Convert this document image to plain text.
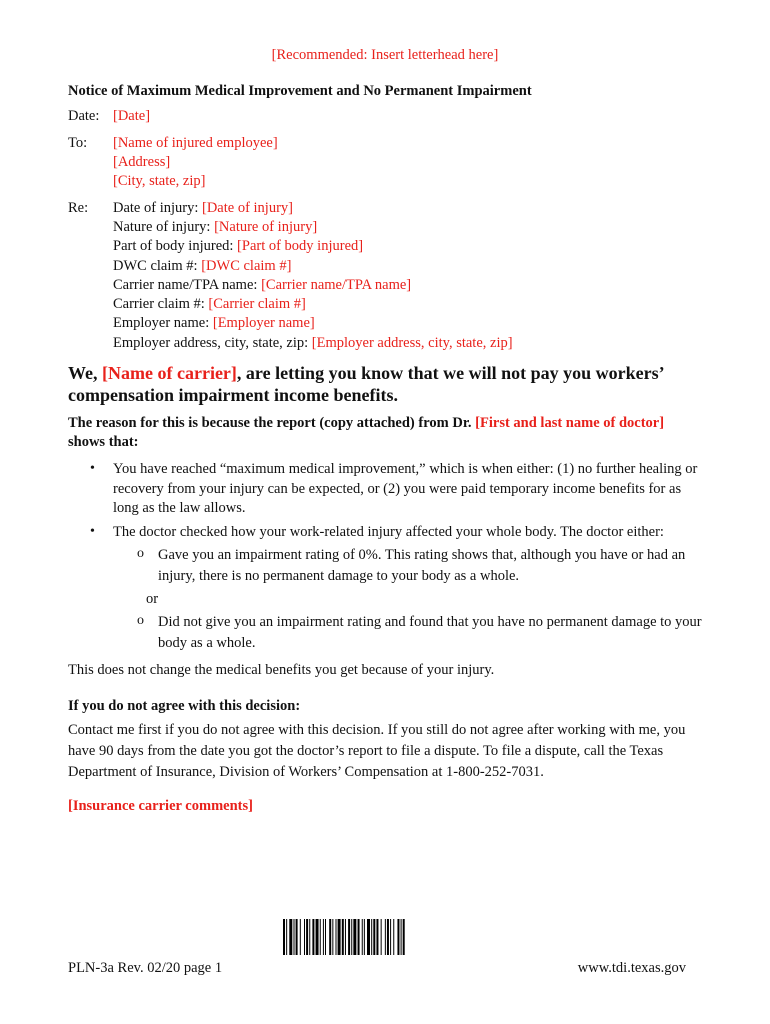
[Recommended: Insert letterhead here]
Notice of Maximum Medical Improvement and No Permanent Impairment
Date: [Date]
To: [Name of injured employee]
[Address]
[City, state, zip]
Re: Date of injury: [Date of injury]
Nature of injury: [Nature of injury]
Part of body injured: [Part of body injured]
DWC claim #: [DWC claim #]
Carrier name/TPA name: [Carrier name/TPA name]
Carrier claim #: [Carrier claim #]
Employer name: [Employer name]
Employer address, city, state, zip: [Employer address, city, state, zip]
We, [Name of carrier], are letting you know that we will not pay you workers’
compensation impairment income benefits.
The reason for this is because the report (copy attached) from Dr. [First and last name of doctor]
shows that:
• You have reached “maximum medical improvement,” which is when either: (1) no further healing or recovery from your injury can be expected, or (2) you were paid temporary income benefits for as long as the law allows.
• The doctor checked how your work-related injury affected your whole body. The doctor either:
o Gave you an impairment rating of 0%. This rating shows that, although you have or had an injury, there is no permanent damage to your body as a whole.
or
o Did not give you an impairment rating and found that you have no permanent damage to your body as a whole.
This does not change the medical benefits you get because of your injury.
If you do not agree with this decision:
Contact me first if you do not agree with this decision. If you still do not agree after working with me, you have 90 days from the date you got the doctor’s report to file a dispute. To file a dispute, call the Texas Department of Insurance, Division of Workers’ Compensation at 1-800-252-7031.
[Insurance carrier comments]
PLN-3a Rev. 02/20 page 1	www.tdi.texas.gov
